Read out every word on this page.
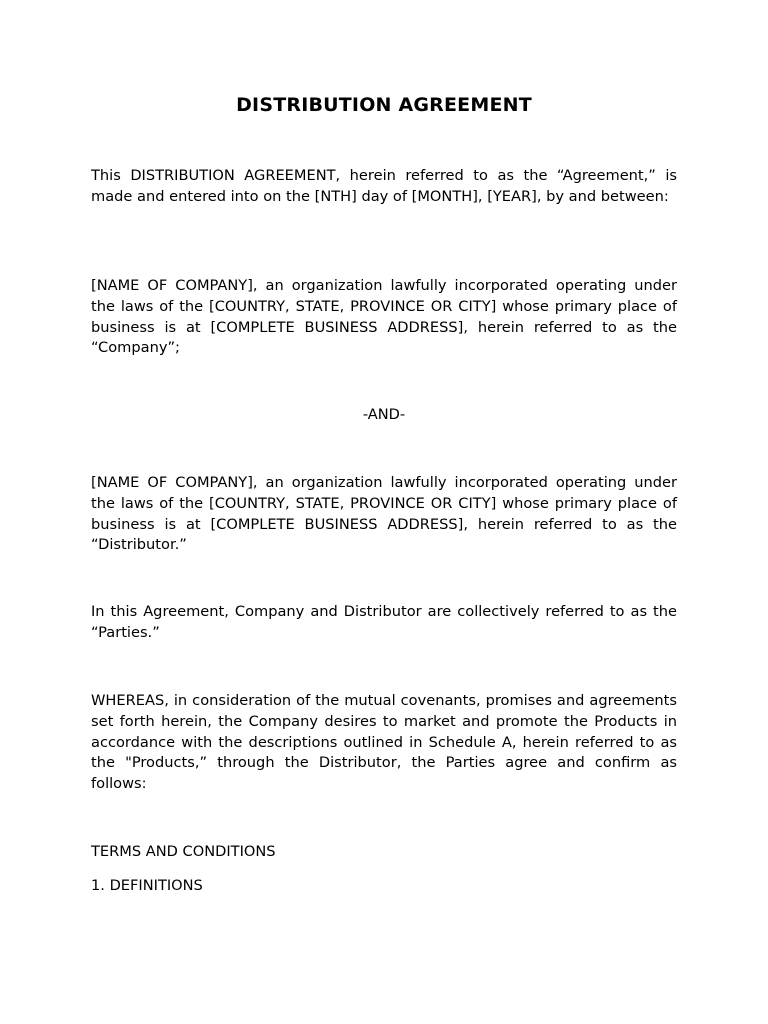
DISTRIBUTION AGREEMENT

This DISTRIBUTION AGREEMENT, herein referred to as the “Agreement,” is made and entered into on the [NTH] day of [MONTH], [YEAR], by and between:

[NAME OF COMPANY], an organization lawfully incorporated operating under the laws of the [COUNTRY, STATE, PROVINCE OR CITY] whose primary place of business is at [COMPLETE BUSINESS ADDRESS], herein referred to as the “Company”;

-AND-

[NAME OF COMPANY], an organization lawfully incorporated operating under the laws of the [COUNTRY, STATE, PROVINCE OR CITY] whose primary place of business is at [COMPLETE BUSINESS ADDRESS], herein referred to as the “Distributor.”

In this Agreement, Company and Distributor are collectively referred to as the “Parties.”

WHEREAS, in consideration of the mutual covenants, promises and agreements set forth herein, the Company desires to market and promote the Products in accordance with the descriptions outlined in Schedule A, herein referred to as the "Products,” through the Distributor, the Parties agree and confirm as follows:

TERMS AND CONDITIONS

1. DEFINITIONS
